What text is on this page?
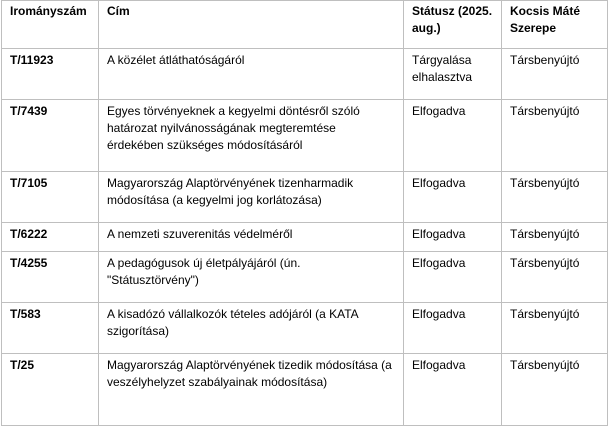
Irományszám	Cím	Státusz (2025. aug.)	Kocsis Máté Szerepe
T/11923	A közélet átláthatóságáról	Tárgyalása elhalasztva	Társbenyújtó
T/7439	Egyes törvényeknek a kegyelmi döntésről szóló határozat nyilvánosságának megteremtése érdekében szükséges módosításáról	Elfogadva	Társbenyújtó
T/7105	Magyarország Alaptörvényének tizenharmadik módosítása (a kegyelmi jog korlátozása)	Elfogadva	Társbenyújtó
T/6222	A nemzeti szuverenitás védelméről	Elfogadva	Társbenyújtó
T/4255	A pedagógusok új életpályájáról (ún. "Státusztörvény")	Elfogadva	Társbenyújtó
T/583	A kisadózó vállalkozók tételes adójáról (a KATA szigorítása)	Elfogadva	Társbenyújtó
T/25	Magyarország Alaptörvényének tizedik módosítása (a veszélyhelyzet szabályainak módosítása)	Elfogadva	Társbenyújtó
